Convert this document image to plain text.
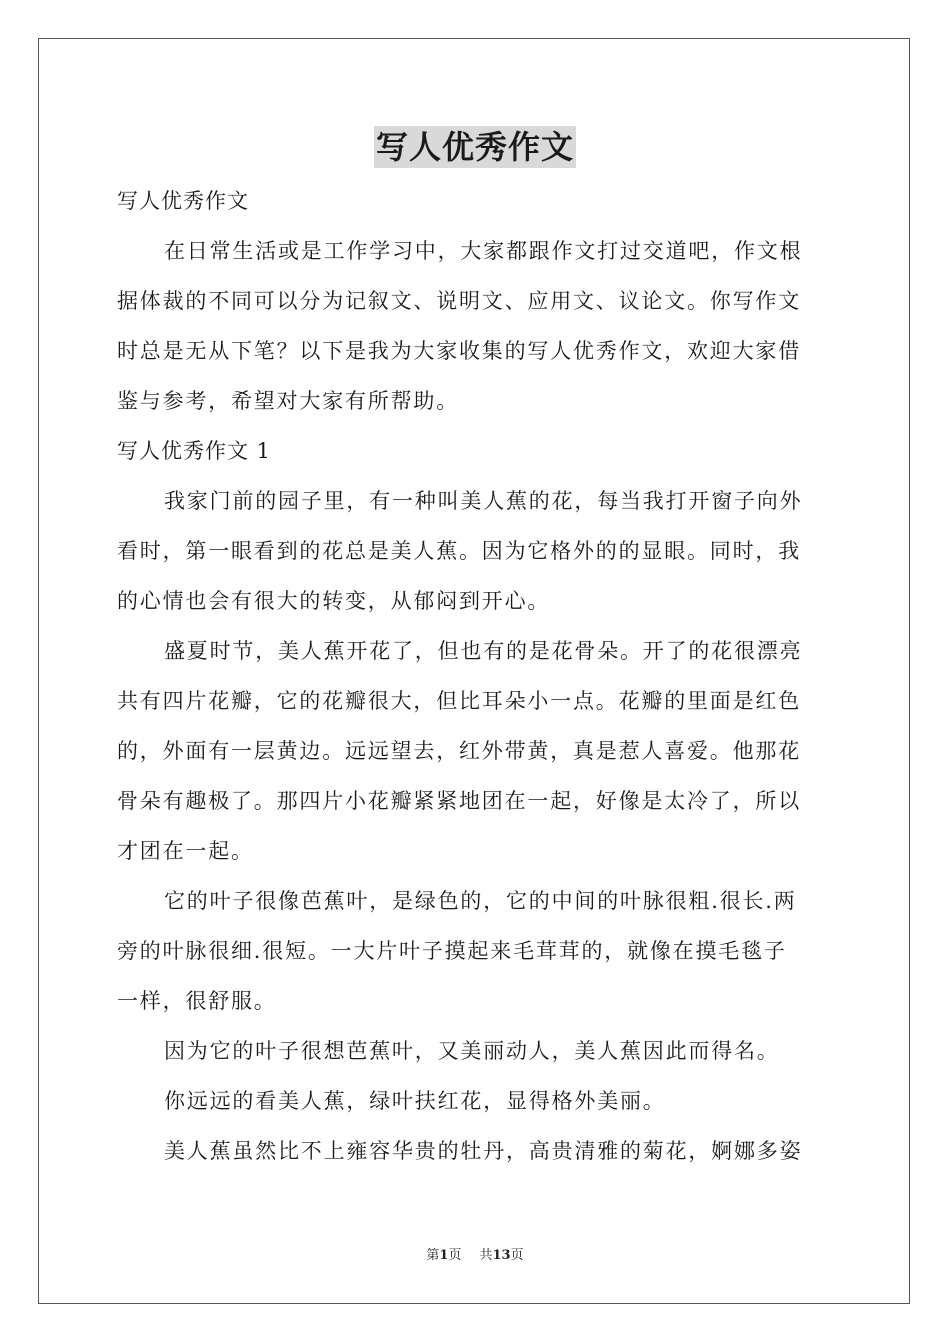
写人优秀作文
写人优秀作文
在日常生活或是工作学习中，大家都跟作文打过交道吧，作文根
据体裁的不同可以分为记叙文、说明文、应用文、议论文。你写作文
时总是无从下笔？以下是我为大家收集的写人优秀作文，欢迎大家借
鉴与参考，希望对大家有所帮助。
写人优秀作文 1
我家门前的园子里，有一种叫美人蕉的花，每当我打开窗子向外
看时，第一眼看到的花总是美人蕉。因为它格外的的显眼。同时，我
的心情也会有很大的转变，从郁闷到开心。
盛夏时节，美人蕉开花了，但也有的是花骨朵。开了的花很漂亮
共有四片花瓣，它的花瓣很大，但比耳朵小一点。花瓣的里面是红色
的，外面有一层黄边。远远望去，红外带黄，真是惹人喜爱。他那花
骨朵有趣极了。那四片小花瓣紧紧地团在一起，好像是太冷了，所以
才团在一起。
它的叶子很像芭蕉叶，是绿色的，它的中间的叶脉很粗.很长.两
旁的叶脉很细.很短。一大片叶子摸起来毛茸茸的，就像在摸毛毯子
一样，很舒服。
因为它的叶子很想芭蕉叶，又美丽动人，美人蕉因此而得名。
你远远的看美人蕉，绿叶扶红花，显得格外美丽。
美人蕉虽然比不上雍容华贵的牡丹，高贵清雅的菊花，婀娜多姿
第1页 共13页
